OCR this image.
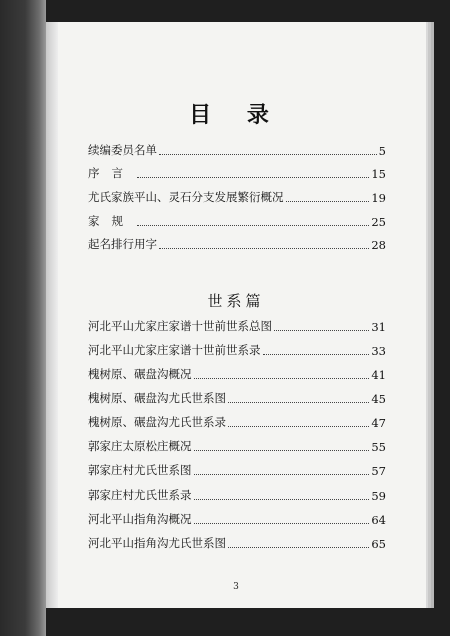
目 录
续编委员名单	5
序言	15
尤氏家族平山、灵石分支发展繁衍概况	19
家规	25
起名排行用字	28
世系篇
河北平山尤家庄家谱十世前世系总图	31
河北平山尤家庄家谱十世前世系录	33
槐树原、碾盘沟概况	41
槐树原、碾盘沟尤氏世系图	45
槐树原、碾盘沟尤氏世系录	47
郭家庄太原松庄概况	55
郭家庄村尤氏世系图	57
郭家庄村尤氏世系录	59
河北平山指角沟概况	64
河北平山指角沟尤氏世系图	65
3
